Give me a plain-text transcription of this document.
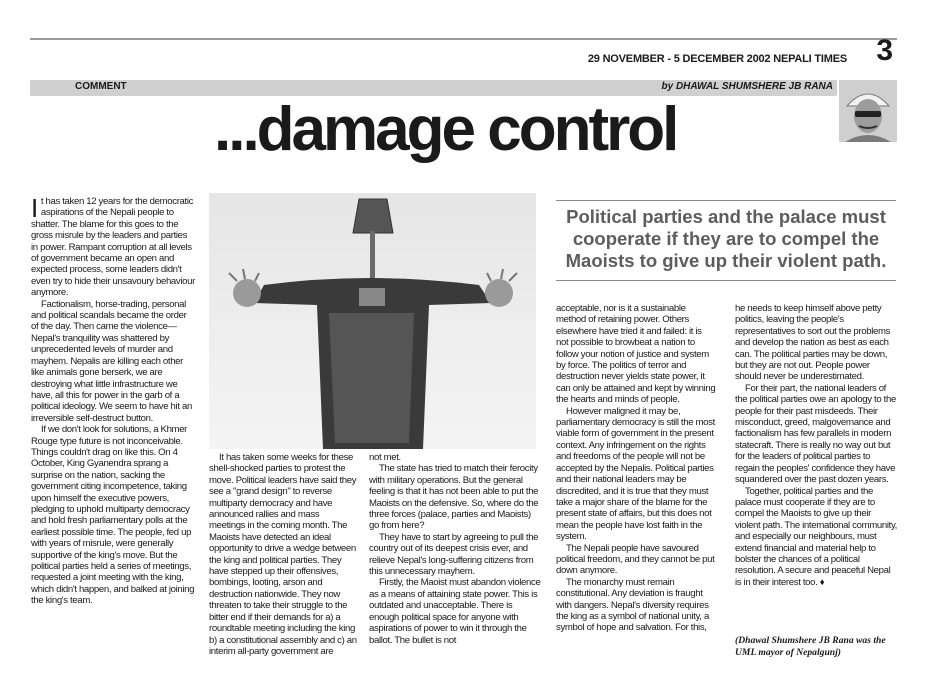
29 NOVEMBER - 5 DECEMBER 2002 NEPALI TIMES 3
COMMENT	by DHAWAL SHUMSHERE JB RANA
...damage control

It has taken 12 years for the democratic aspirations of the Nepali people to shatter. The blame for this goes to the gross misrule by the leaders and parties in power. Rampant corruption at all levels of government became an open and expected process, some leaders didn't even try to hide their unsavoury behaviour anymore.

Factionalism, horse-trading, personal and political scandals became the order of the day. Then came the violence—Nepal's tranquility was shattered by unprecedented levels of murder and mayhem. Nepalis are killing each other like animals gone berserk, we are destroying what little infrastructure we have, all this for power in the garb of a political ideology. We seem to have hit an irreversible self-destruct button.

If we don't look for solutions, a Khmer Rouge type future is not inconceivable. Things couldn't drag on like this. On 4 October, King Gyanendra sprang a surprise on the nation, sacking the government citing incompetence, taking upon himself the executive powers, pledging to uphold multiparty democracy and hold fresh parliamentary polls at the earliest possible time. The people, fed up with years of misrule, were generally supportive of the king's move. But the political parties held a series of meetings, requested a joint meeting with the king, which didn't happen, and balked at joining the king's team.

Political parties and the palace must cooperate if they are to compel the Maoists to give up their violent path.

It has taken some weeks for these shell-shocked parties to protest the move. Political leaders have said they see a "grand design" to reverse multiparty democracy and have announced rallies and mass meetings in the coming month. The Maoists have detected an ideal opportunity to drive a wedge between the king and political parties. They have stepped up their offensives, bombings, looting, arson and destruction nationwide. They now threaten to take their struggle to the bitter end if their demands for a) a roundtable meeting including the king b) a constitutional assembly and c) an interim all-party government are

not met.

The state has tried to match their ferocity with military operations. But the general feeling is that it has not been able to put the Maoists on the defensive. So, where do the three forces (palace, parties and Maoists) go from here?

They have to start by agreeing to pull the country out of its deepest crisis ever, and relieve Nepal's long-suffering citizens from this unnecessary mayhem.

Firstly, the Maoist must abandon violence as a means of attaining state power. This is outdated and unacceptable. There is enough political space for anyone with aspirations of power to win it through the ballot. The bullet is not

acceptable, nor is it a sustainable method of retaining power. Others elsewhere have tried it and failed: it is not possible to browbeat a nation to follow your notion of justice and system by force. The politics of terror and destruction never yields state power, it can only be attained and kept by winning the hearts and minds of people.

However maligned it may be, parliamentary democracy is still the most viable form of government in the present context. Any infringement on the rights and freedoms of the people will not be accepted by the Nepalis. Political parties and their national leaders may be discredited, and it is true that they must take a major share of the blame for the present state of affairs, but this does not mean the people have lost faith in the system.

The Nepali people have savoured political freedom, and they cannot be put down anymore.

The monarchy must remain constitutional. Any deviation is fraught with dangers. Nepal's diversity requires the king as a symbol of national unity, a symbol of hope and salvation. For this,

he needs to keep himself above petty politics, leaving the people's representatives to sort out the problems and develop the nation as best as each can. The political parties may be down, but they are not out. People power should never be underestimated.

For their part, the national leaders of the political parties owe an apology to the people for their past misdeeds. Their misconduct, greed, malgovernance and factionalism has few parallels in modern statecraft. There is really no way out but for the leaders of political parties to regain the peoples' confidence they have squandered over the past dozen years.

Together, political parties and the palace must cooperate if they are to compel the Maoists to give up their violent path. The international community, and especially our neighbours, must extend financial and material help to bolster the chances of a political resolution. A secure and peaceful Nepal is in their interest too. ♦

(Dhawal Shumshere JB Rana was the UML mayor of Nepalgunj)
